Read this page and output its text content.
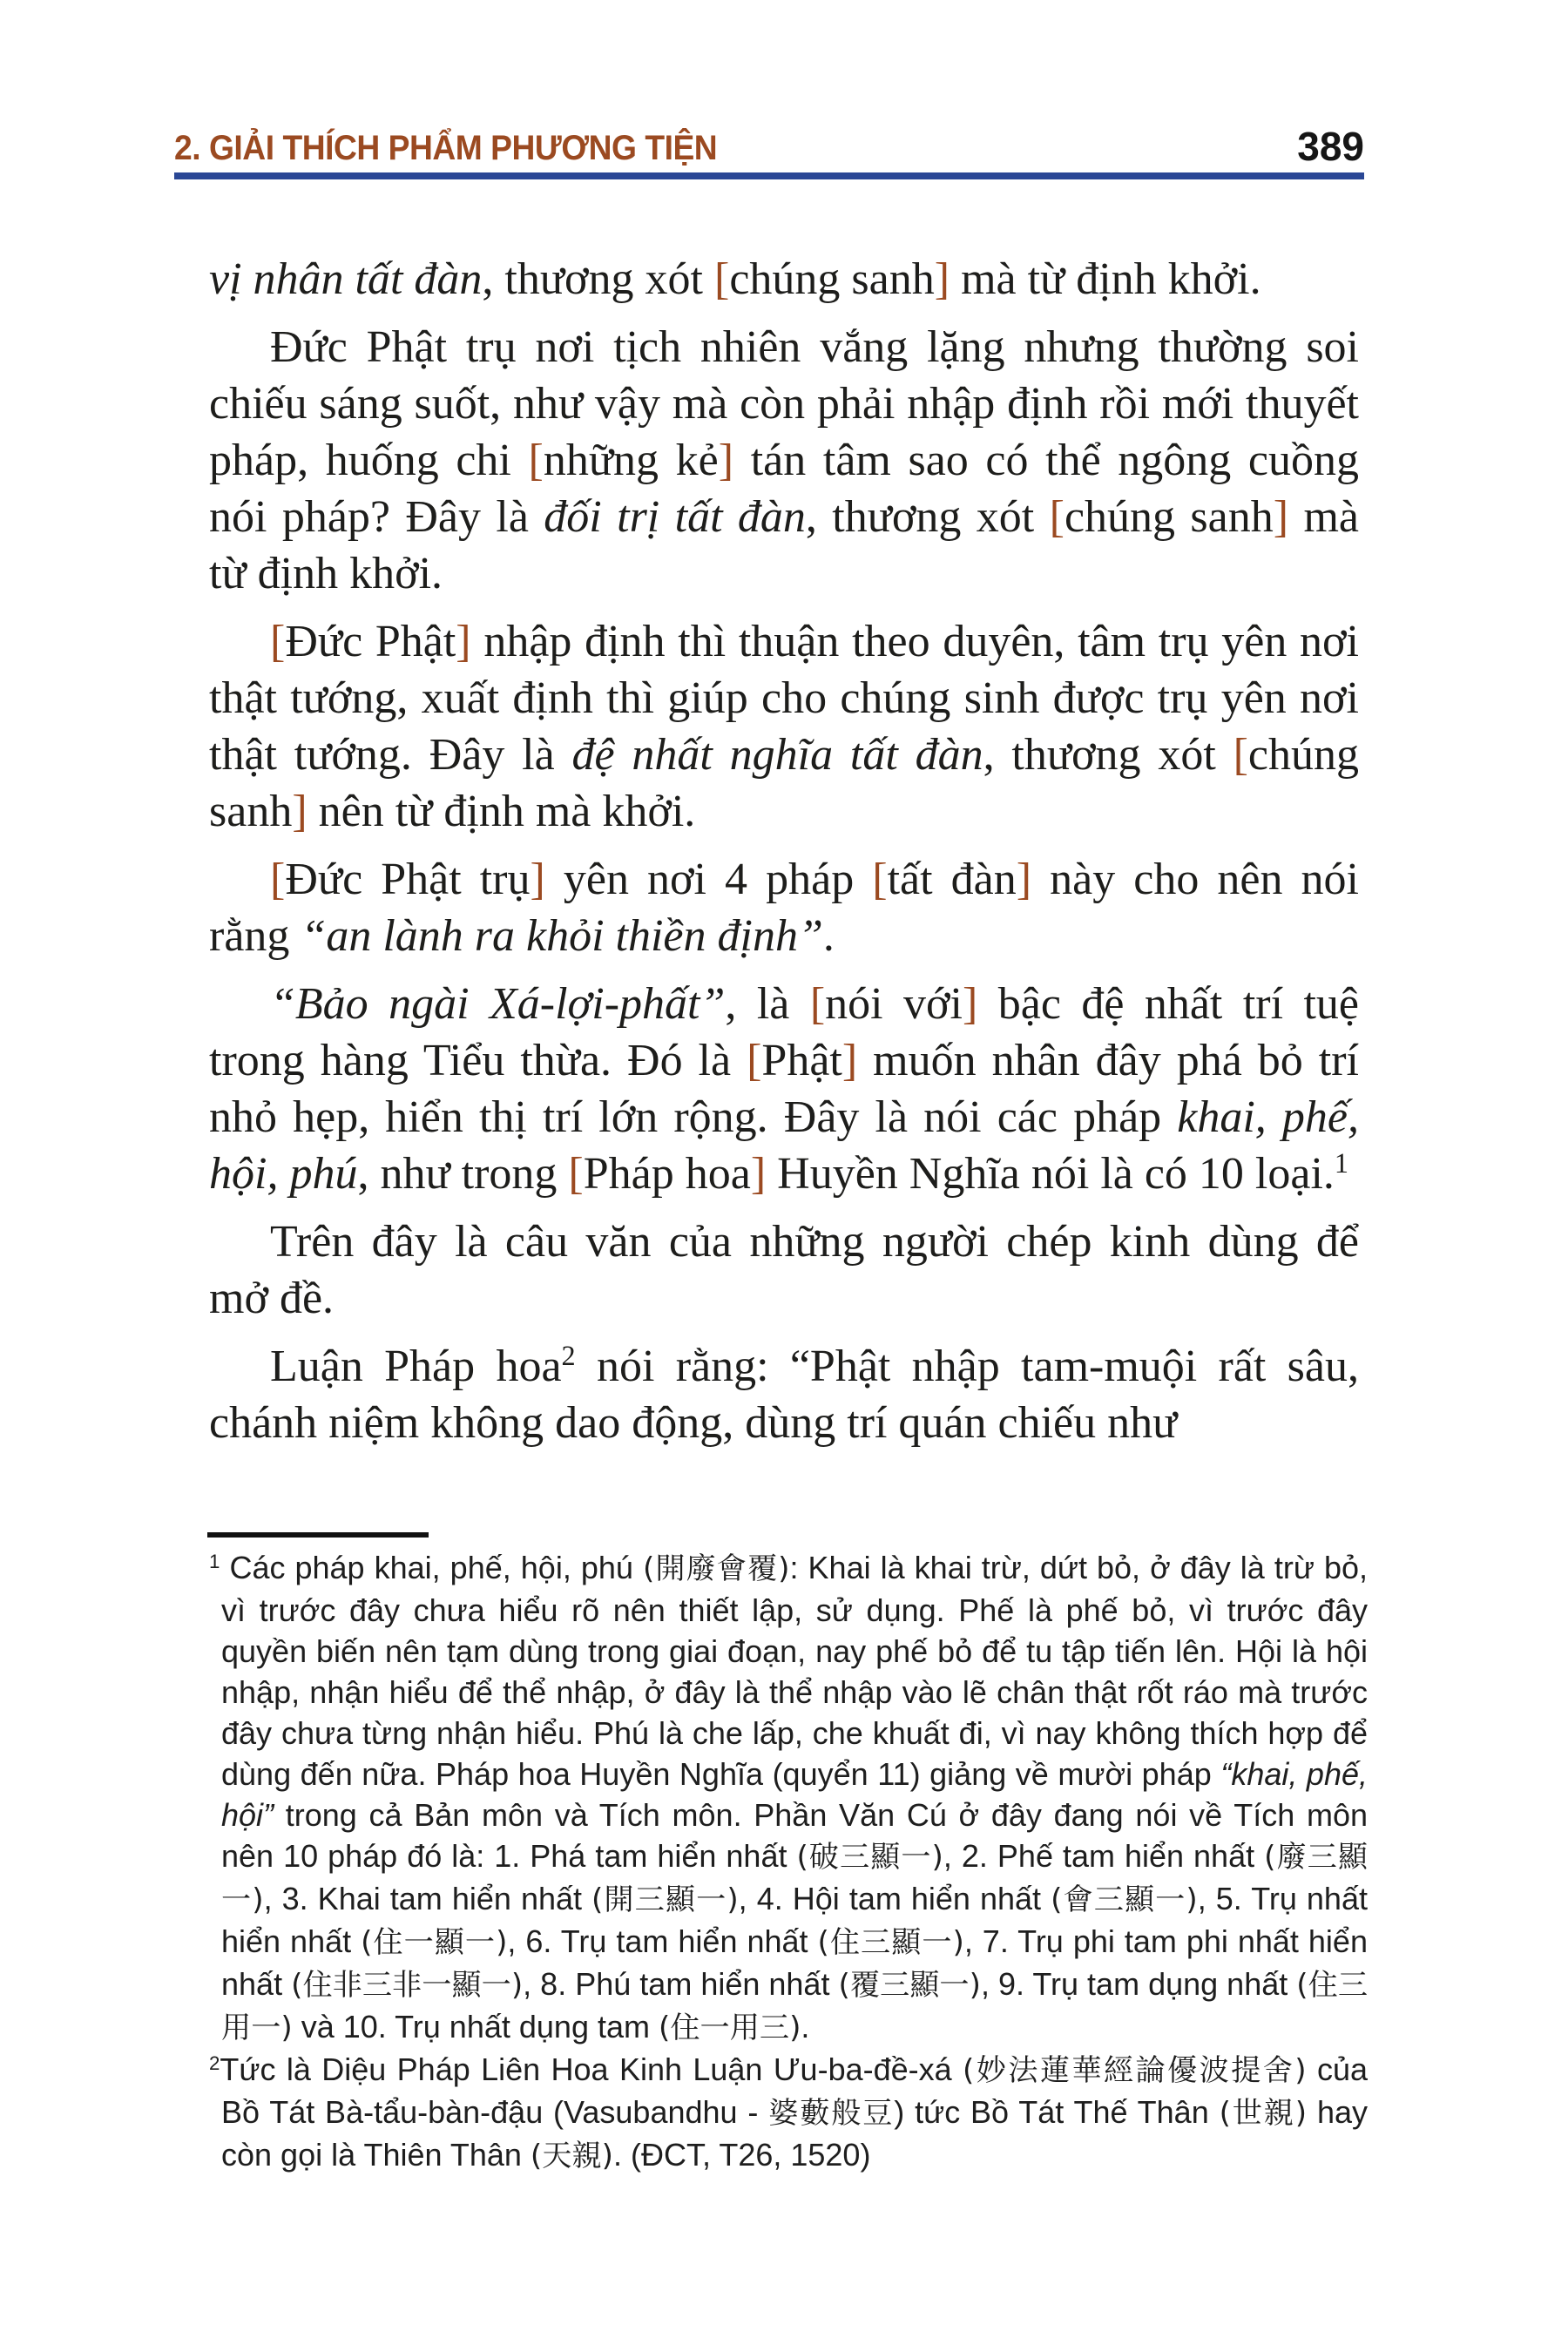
2. GIẢI THÍCH PHẨM PHƯƠNG TIỆN	389

vị nhân tất đàn, thương xót [chúng sanh] mà từ định khởi.

Đức Phật trụ nơi tịch nhiên vắng lặng nhưng thường soi chiếu sáng suốt, như vậy mà còn phải nhập định rồi mới thuyết pháp, huống chi [những kẻ] tán tâm sao có thể ngông cuồng nói pháp? Đây là đối trị tất đàn, thương xót [chúng sanh] mà từ định khởi.

[Đức Phật] nhập định thì thuận theo duyên, tâm trụ yên nơi thật tướng, xuất định thì giúp cho chúng sinh được trụ yên nơi thật tướng. Đây là đệ nhất nghĩa tất đàn, thương xót [chúng sanh] nên từ định mà khởi.

[Đức Phật trụ] yên nơi 4 pháp [tất đàn] này cho nên nói rằng “an lành ra khỏi thiền định”.

“Bảo ngài Xá-lợi-phất”, là [nói với] bậc đệ nhất trí tuệ trong hàng Tiểu thừa. Đó là [Phật] muốn nhân đây phá bỏ trí nhỏ hẹp, hiển thị trí lớn rộng. Đây là nói các pháp khai, phế, hội, phú, như trong [Pháp hoa] Huyền Nghĩa nói là có 10 loại.$^1$

Trên đây là câu văn của những người chép kinh dùng để mở đề.

Luận Pháp hoa$^2$ nói rằng: “Phật nhập tam-muội rất sâu, chánh niệm không dao động, dùng trí quán chiếu như

$^1$ Các pháp khai, phế, hội, phú (開廢會覆): Khai là khai trừ, dứt bỏ, ở đây là trừ bỏ, vì trước đây chưa hiểu rõ nên thiết lập, sử dụng. Phế là phế bỏ, vì trước đây quyền biến nên tạm dùng trong giai đoạn, nay phế bỏ để tu tập tiến lên. Hội là hội nhập, nhận hiểu để thể nhập, ở đây là thể nhập vào lẽ chân thật rốt ráo mà trước đây chưa từng nhận hiểu. Phú là che lấp, che khuất đi, vì nay không thích hợp để dùng đến nữa. Pháp hoa Huyền Nghĩa (quyển 11) giảng về mười pháp “khai, phế, hội” trong cả Bản môn và Tích môn. Phần Văn Cú ở đây đang nói về Tích môn nên 10 pháp đó là: 1. Phá tam hiển nhất (破三顯一), 2. Phế tam hiển nhất (廢三顯一), 3. Khai tam hiển nhất (開三顯一), 4. Hội tam hiển nhất (會三顯一), 5. Trụ nhất hiển nhất (住一顯一), 6. Trụ tam hiển nhất (住三顯一), 7. Trụ phi tam phi nhất hiển nhất (住非三非一顯一), 8. Phú tam hiển nhất (覆三顯一), 9. Trụ tam dụng nhất (住三用一) và 10. Trụ nhất dụng tam (住一用三).

$^2$Tức là Diệu Pháp Liên Hoa Kinh Luận Ưu-ba-đề-xá (妙法蓮華經論優波提舍) của Bồ Tát Bà-tẩu-bàn-đậu (Vasubandhu - 婆藪般豆) tức Bồ Tát Thế Thân (世親) hay còn gọi là Thiên Thân (天親). (ĐCT, T26, 1520)
